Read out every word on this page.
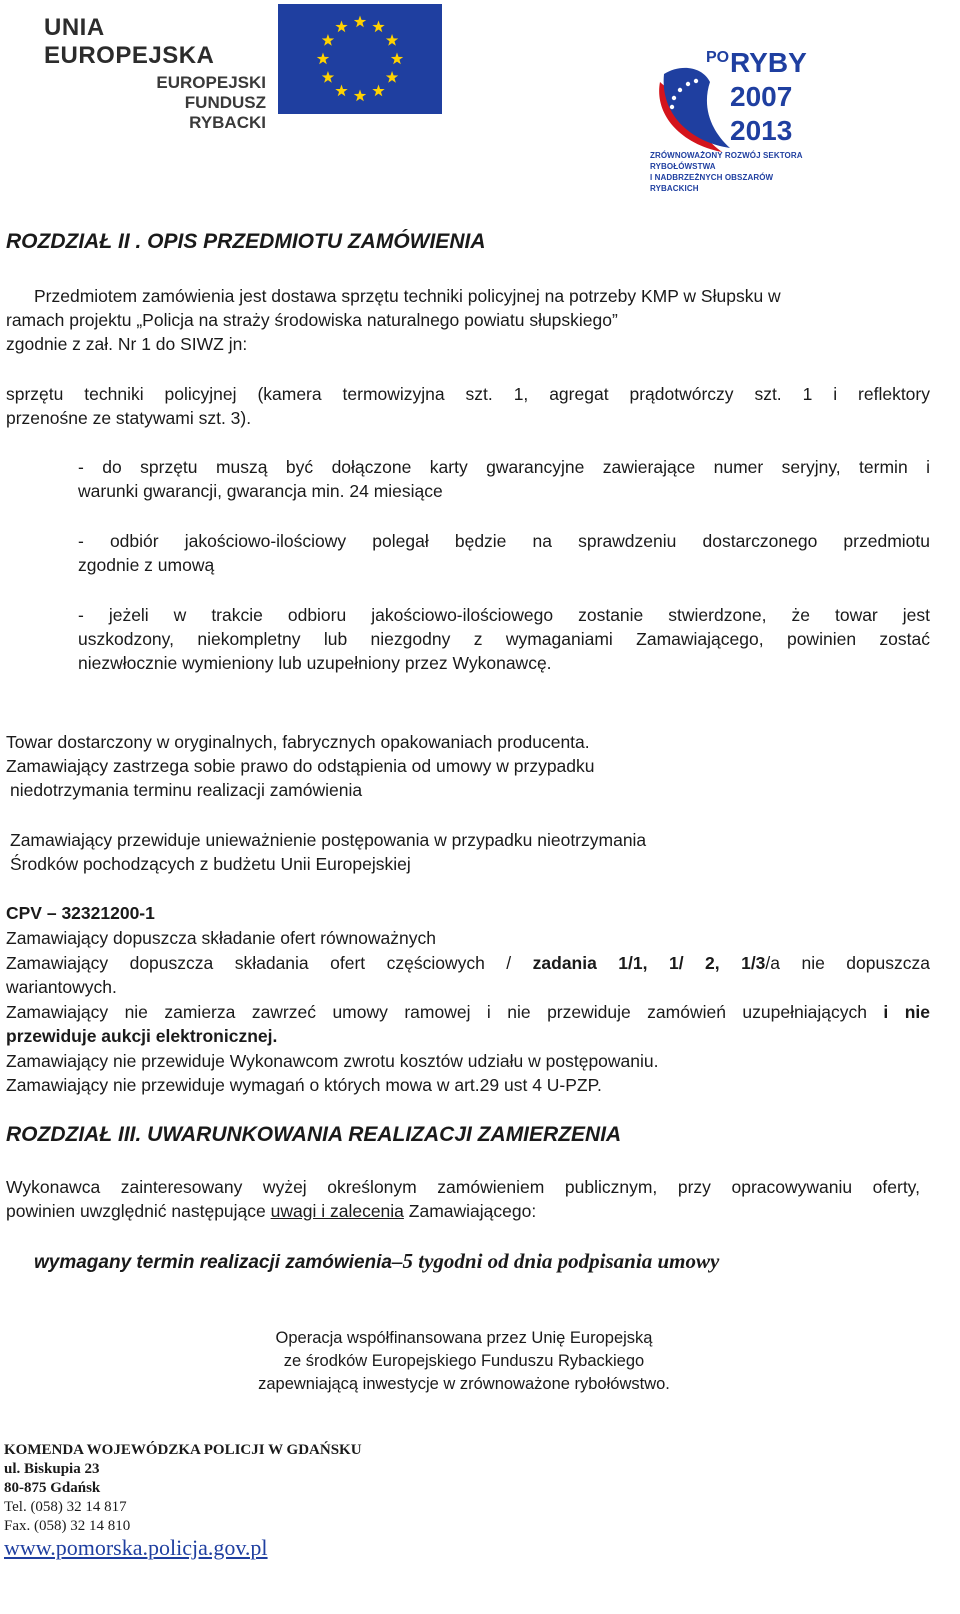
UNIA EUROPEJSKA
EUROPEJSKI
FUNDUSZ
RYBACKI
PO RYBY
2007
2013
ZRÓWNOWAŻONY ROZWÓJ SEKTORA RYBOŁÓWSTWA
I NADBRZEŻNYCH OBSZARÓW RYBACKICH
ROZDZIAŁ II . OPIS PRZEDMIOTU ZAMÓWIENIA
Przedmiotem zamówienia jest dostawa sprzętu techniki policyjnej na potrzeby KMP w Słupsku w
ramach projektu „Policja na straży środowiska naturalnego powiatu słupskiego”
zgodnie z zał. Nr 1 do SIWZ jn:
sprzętu techniki policyjnej (kamera termowizyjna szt. 1, agregat prądotwórczy szt. 1 i reflektory
przenośne ze statywami szt. 3).
- do sprzętu muszą być dołączone karty gwarancyjne zawierające numer seryjny, termin i
warunki gwarancji, gwarancja min. 24 miesiące
- odbiór jakościowo-ilościowy polegał będzie na sprawdzeniu dostarczonego przedmiotu
zgodnie z umową
- jeżeli w trakcie odbioru jakościowo-ilościowego zostanie stwierdzone, że towar jest
uszkodzony, niekompletny lub niezgodny z wymaganiami Zamawiającego, powinien zostać
niezwłocznie wymieniony lub uzupełniony przez Wykonawcę.
Towar dostarczony w oryginalnych, fabrycznych opakowaniach producenta.
Zamawiający zastrzega sobie prawo do odstąpienia od umowy w przypadku
niedotrzymania terminu realizacji zamówienia
Zamawiający przewiduje unieważnienie postępowania w przypadku nieotrzymania
Środków pochodzących z budżetu Unii Europejskiej
CPV – 32321200-1
Zamawiający dopuszcza składanie ofert równoważnych
Zamawiający dopuszcza składania ofert częściowych / zadania 1/1, 1/ 2, 1/3/a nie dopuszcza
wariantowych.
Zamawiający nie zamierza zawrzeć umowy ramowej i nie przewiduje zamówień uzupełniających i nie
przewiduje aukcji elektronicznej.
Zamawiający nie przewiduje Wykonawcom zwrotu kosztów udziału w postępowaniu.
Zamawiający nie przewiduje wymagań o których mowa w art.29 ust 4 U-PZP.
ROZDZIAŁ III. UWARUNKOWANIA REALIZACJI ZAMIERZENIA
Wykonawca zainteresowany wyżej określonym zamówieniem publicznym, przy opracowywaniu oferty,
powinien uwzględnić następujące uwagi i zalecenia Zamawiającego:
wymagany termin realizacji zamówienia–5 tygodni od dnia podpisania umowy
Operacja współfinansowana przez Unię Europejską
ze środków Europejskiego Funduszu Rybackiego
zapewniającą inwestycje w zrównoważone rybołówstwo.
KOMENDA WOJEWÓDZKA POLICJI W GDAŃSKU
ul. Biskupia 23
80-875 Gdańsk
Tel. (058) 32 14 817
Fax. (058) 32 14 810
www.pomorska.policja.gov.pl
